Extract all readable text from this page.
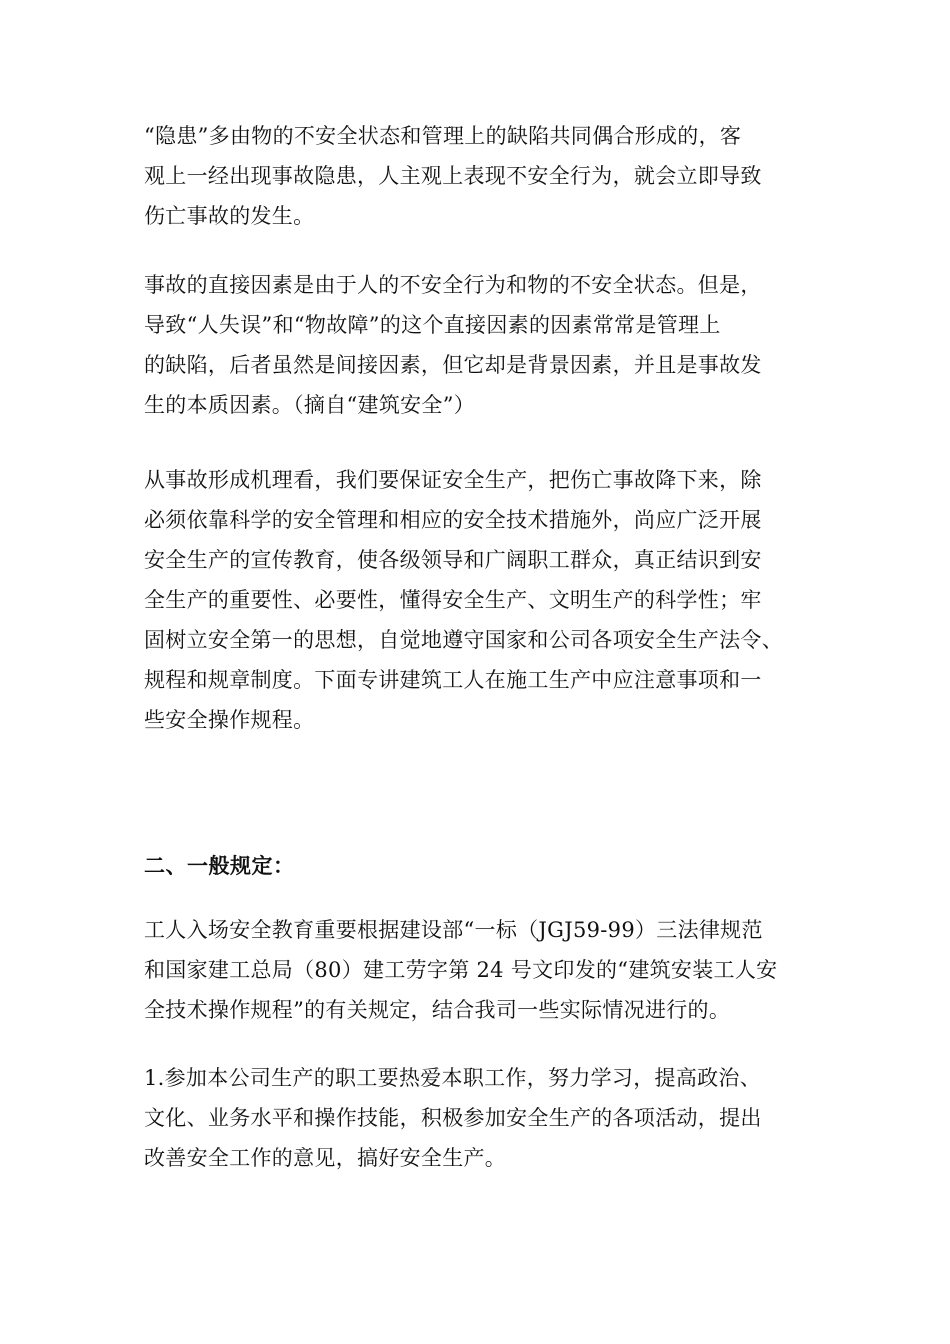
“隐患”多由物的不安全状态和管理上的缺陷共同偶合形成的，客
观上一经出现事故隐患，人主观上表现不安全行为，就会立即导致
伤亡事故的发生。

事故的直接因素是由于人的不安全行为和物的不安全状态。但是，
导致“人失误”和“物故障”的这个直接因素的因素常常是管理上
的缺陷，后者虽然是间接因素，但它却是背景因素，并且是事故发
生的本质因素。（摘自“建筑安全”）

从事故形成机理看，我们要保证安全生产，把伤亡事故降下来，除
必须依靠科学的安全管理和相应的安全技术措施外，尚应广泛开展
安全生产的宣传教育，使各级领导和广阔职工群众，真正结识到安
全生产的重要性、必要性，懂得安全生产、文明生产的科学性；牢
固树立安全第一的思想，自觉地遵守国家和公司各项安全生产法令、
规程和规章制度。下面专讲建筑工人在施工生产中应注意事项和一
些安全操作规程。

二、一般规定：

工人入场安全教育重要根据建设部“一标（JGJ59-99）三法律规范
和国家建工总局（80）建工劳字第 24 号文印发的“建筑安装工人安
全技术操作规程”的有关规定，结合我司一些实际情况进行的。

1.参加本公司生产的职工要热爱本职工作，努力学习，提高政治、
文化、业务水平和操作技能，积极参加安全生产的各项活动，提出
改善安全工作的意见，搞好安全生产。
